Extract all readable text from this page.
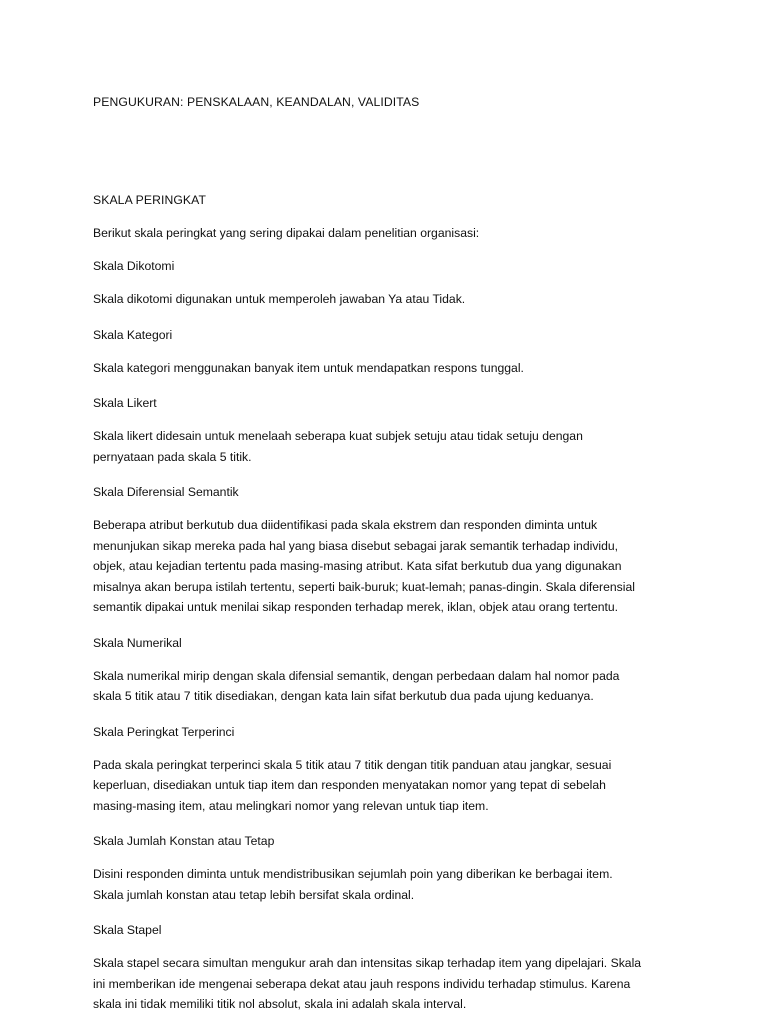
PENGUKURAN: PENSKALAAN, KEANDALAN, VALIDITAS

SKALA PERINGKAT

Berikut skala peringkat yang sering dipakai dalam penelitian organisasi:

Skala Dikotomi

Skala dikotomi digunakan untuk memperoleh jawaban Ya atau Tidak.

Skala Kategori

Skala kategori menggunakan banyak item untuk mendapatkan respons tunggal.

Skala Likert

Skala likert didesain untuk menelaah seberapa kuat subjek setuju atau tidak setuju dengan
pernyataan pada skala 5 titik.

Skala Diferensial Semantik

Beberapa atribut berkutub dua diidentifikasi pada skala ekstrem dan responden diminta untuk
menunjukan sikap mereka pada hal yang biasa disebut sebagai jarak semantik terhadap individu,
objek, atau kejadian tertentu pada masing-masing atribut. Kata sifat berkutub dua yang digunakan
misalnya akan berupa istilah tertentu, seperti baik-buruk; kuat-lemah; panas-dingin. Skala diferensial
semantik dipakai untuk menilai sikap responden terhadap merek, iklan, objek atau orang tertentu.

Skala Numerikal

Skala numerikal mirip dengan skala difensial semantik, dengan perbedaan dalam hal nomor pada
skala 5 titik atau 7 titik disediakan, dengan kata lain sifat berkutub dua pada ujung keduanya.

Skala Peringkat Terperinci

Pada skala peringkat terperinci skala 5 titik atau 7 titik dengan titik panduan atau jangkar, sesuai
keperluan, disediakan untuk tiap item dan responden menyatakan nomor yang tepat di sebelah
masing-masing item, atau melingkari nomor yang relevan untuk tiap item.

Skala Jumlah Konstan atau Tetap

Disini responden diminta untuk mendistribusikan sejumlah poin yang diberikan ke berbagai item.
Skala jumlah konstan atau tetap lebih bersifat skala ordinal.

Skala Stapel

Skala stapel secara simultan mengukur arah dan intensitas sikap terhadap item yang dipelajari. Skala
ini memberikan ide mengenai seberapa dekat atau jauh respons individu terhadap stimulus. Karena
skala ini tidak memiliki titik nol absolut, skala ini adalah skala interval.
